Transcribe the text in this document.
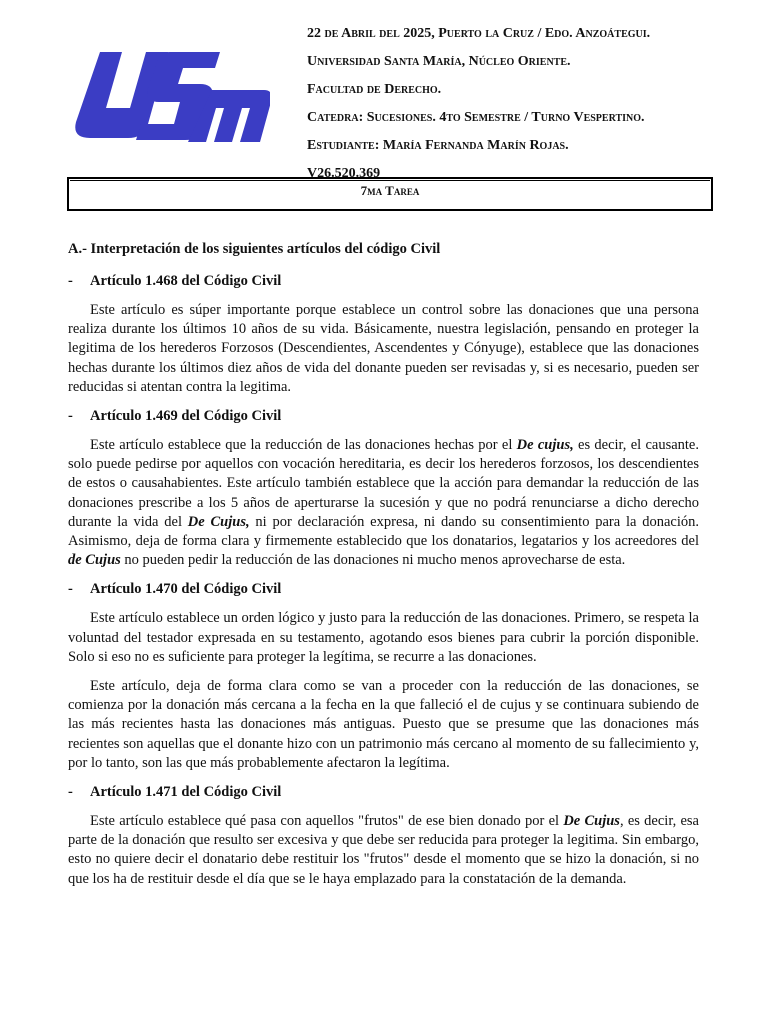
22 de Abril del 2025, Puerto la Cruz / Edo. Anzoátegui.
Universidad Santa María, Núcleo Oriente.
Facultad de Derecho.
Catedra: Sucesiones. 4to Semestre / Turno Vespertino.
Estudiante: María Fernanda Marín Rojas.
V26.520.369
7ma Tarea
A.- Interpretación de los siguientes artículos del código Civil
- Artículo 1.468 del Código Civil

Este artículo es súper importante porque establece un control sobre las donaciones que una persona realiza durante los últimos 10 años de su vida. Básicamente, nuestra legislación, pensando en proteger la legitima de los herederos Forzosos (Descendientes, Ascendentes y Cónyuge), establece que las donaciones hechas durante los últimos diez años de vida del donante pueden ser revisadas y, si es necesario, pueden ser reducidas si atentan contra la legitima.

- Artículo 1.469 del Código Civil

Este artículo establece que la reducción de las donaciones hechas por el De cujus, es decir, el causante. solo puede pedirse por aquellos con vocación hereditaria, es decir los herederos forzosos, los descendientes de estos o causahabientes. Este artículo también establece que la acción para demandar la reducción de las donaciones prescribe a los 5 años de aperturarse la sucesión y que no podrá renunciarse a dicho derecho durante la vida del De Cujus, ni por declaración expresa, ni dando su consentimiento para la donación. Asimismo, deja de forma clara y firmemente establecido que los donatarios, legatarios y los acreedores del de Cujus no pueden pedir la reducción de las donaciones ni mucho menos aprovecharse de esta.

- Artículo 1.470 del Código Civil

Este artículo establece un orden lógico y justo para la reducción de las donaciones. Primero, se respeta la voluntad del testador expresada en su testamento, agotando esos bienes para cubrir la porción disponible. Solo si eso no es suficiente para proteger la legítima, se recurre a las donaciones.

Este artículo, deja de forma clara como se van a proceder con la reducción de las donaciones, se comienza por la donación más cercana a la fecha en la que falleció el de cujus y se continuara subiendo de las más recientes hasta las donaciones más antiguas. Puesto que se presume que las donaciones más recientes son aquellas que el donante hizo con un patrimonio más cercano al momento de su fallecimiento y, por lo tanto, son las que más probablemente afectaron la legítima.

- Artículo 1.471 del Código Civil

Este artículo establece qué pasa con aquellos "frutos" de ese bien donado por el De Cujus, es decir, esa parte de la donación que resulto ser excesiva y que debe ser reducida para proteger la legitima. Sin embargo, esto no quiere decir el donatario debe restituir los "frutos" desde el momento que se hizo la donación, si no que los ha de restituir desde el día que se le haya emplazado para la constatación de la demanda.
